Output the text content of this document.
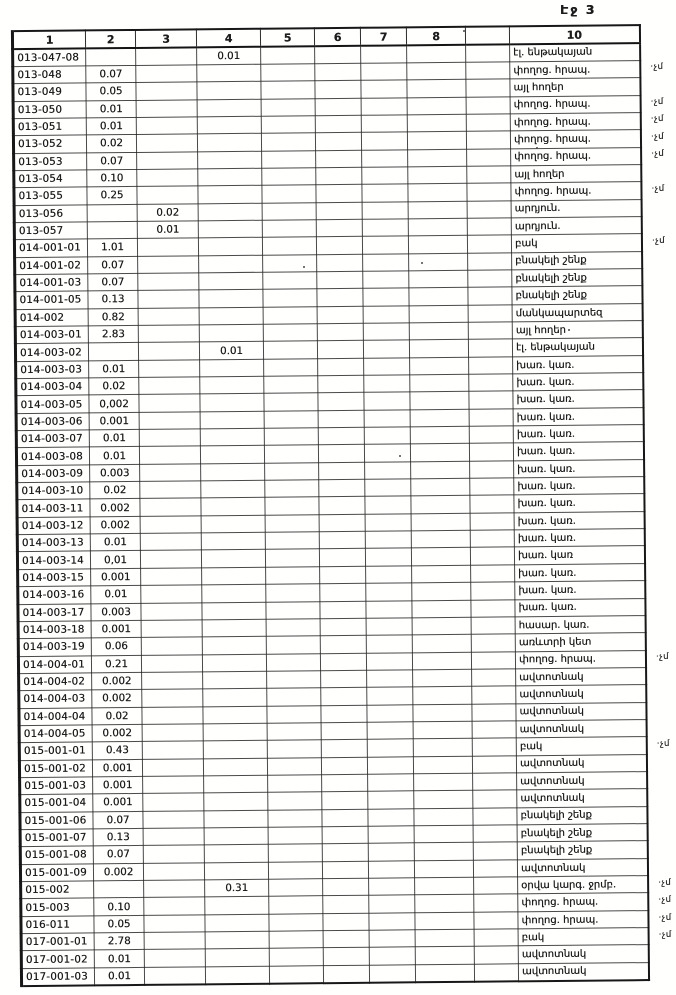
Էջ 3
1	2	3	4	5	6	7	8		10
013-047-08			0.01						էլ. ենթակայան
013-048	0.07								փողոց. հրապ.
013-049	0.05								այլ հողեր
013-050	0.01								փողոց. հրապ.
013-051	0.01								փողոց. հրապ.
013-052	0.02								փողոց. հրապ.
013-053	0.07								փողոց. հրապ.
013-054	0.10								այլ հողեր
013-055	0.25								փողոց. հրապ.
013-056		0.02							արդյուն.
013-057		0.01							արդյուն.
014-001-01	1.01								բակ
014-001-02	0.07								բնակելի շենք
014-001-03	0.07								բնակելի շենք
014-001-05	0.13								բնակելի շենք
014-002	0.82								մանկապարտեզ
014-003-01	2.83								այլ հողեր
014-003-02			0.01						էլ. ենթակայան
014-003-03	0.01								խառ. կառ.
014-003-04	0.02								խառ. կառ.
014-003-05	0,002								խառ. կառ.
014-003-06	0.001								խառ. կառ.
014-003-07	0.01								խառ. կառ.
014-003-08	0.01								խառ. կառ.
014-003-09	0.003								խառ. կառ.
014-003-10	0.02								խառ. կառ.
014-003-11	0.002								խառ. կառ.
014-003-12	0.002								խառ. կառ.
014-003-13	0.01								խառ. կառ.
014-003-14	0,01								խառ. կառ
014-003-15	0.001								խառ. կառ.
014-003-16	0.01								խառ. կառ.
014-003-17	0.003								խառ. կառ.
014-003-18	0.001								հասար. կառ.
014-003-19	0.06								առևտրի կետ
014-004-01	0.21								փողոց. հրապ.
014-004-02	0.002								ավտոտնակ
014-004-03	0.002								ավտոտնակ
014-004-04	0.02								ավտոտնակ
014-004-05	0.002								ավտոտնակ
015-001-01	0.43								բակ
015-001-02	0.001								ավտոտնակ
015-001-03	0.001								ավտոտնակ
015-001-04	0.001								ավտոտնակ
015-001-06	0.07								բնակելի շենք
015-001-07	0.13								բնակելի շենք
015-001-08	0.07								բնակելի շենք
015-001-09	0.002								ավտոտնակ
015-002			0.31						օրվա կարգ. ջրմբ.
015-003	0.10								փողոց. հրապ.
016-011	0.05								փողոց. հրապ.
017-001-01	2.78								բակ
017-001-02	0.01								ավտոտնակ
017-001-03	0.01								ավտոտնակ
·չմ
·չմ
·չմ
·չմ
·չմ
·չմ
·չմ
·չմ
·չմ
·չմ
·չմ
·չմ
·չմ
